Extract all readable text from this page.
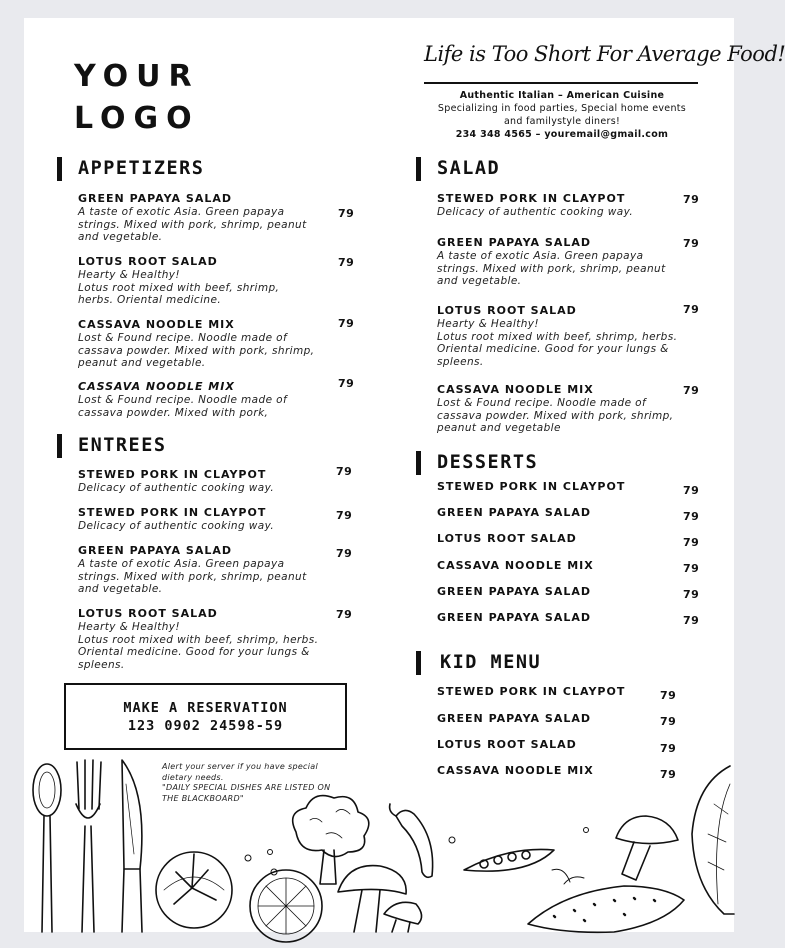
YOUR
LOGO
Life is Too Short For Average Food!
Authentic Italian – American Cuisine
Specializing in food parties, Special home events
and familystyle diners!
234 348 4565 – youremail@gmail.com
APPETIZERS
GREEN PAPAYA SALAD
A taste of exotic Asia. Green papaya strings. Mixed with pork, shrimp, peanut and vegetable.
79
LOTUS ROOT SALAD
Hearty & Healthy!
Lotus root mixed with beef, shrimp, herbs. Oriental medicine.
79
CASSAVA NOODLE MIX
Lost & Found recipe. Noodle made of cassava powder. Mixed with pork, shrimp, peanut and vegetable.
79
CASSAVA NOODLE MIX
Lost & Found recipe. Noodle made of cassava powder. Mixed with pork,
79
ENTREES
STEWED PORK IN CLAYPOT
Delicacy of authentic cooking way.
79
STEWED PORK IN CLAYPOT
Delicacy of authentic cooking way.
79
GREEN PAPAYA SALAD
A taste of exotic Asia. Green papaya strings. Mixed with pork, shrimp, peanut and vegetable.
79
LOTUS ROOT SALAD
Hearty & Healthy!
Lotus root mixed with beef, shrimp, herbs. Oriental medicine. Good for your lungs & spleens.
79
MAKE A RESERVATION
123 0902 24598-59
Alert your server if you have special dietary needs.
"DAILY SPECIAL DISHES ARE LISTED ON THE BLACKBOARD"
SALAD
STEWED PORK IN CLAYPOT
Delicacy of authentic cooking way.
79
GREEN PAPAYA SALAD
A taste of exotic Asia. Green papaya strings. Mixed with pork, shrimp, peanut and vegetable.
79
LOTUS ROOT SALAD
Hearty & Healthy!
Lotus root mixed with beef, shrimp, herbs. Oriental medicine. Good for your lungs & spleens.
79
CASSAVA NOODLE MIX
Lost & Found recipe. Noodle made of cassava powder. Mixed with pork, shrimp, peanut and vegetable
79
DESSERTS
STEWED PORK IN CLAYPOT	79
GREEN PAPAYA SALAD	79
LOTUS ROOT SALAD	79
CASSAVA NOODLE MIX	79
GREEN PAPAYA SALAD	79
GREEN PAPAYA SALAD	79
KID MENU
STEWED PORK IN CLAYPOT	79
GREEN PAPAYA SALAD	79
LOTUS ROOT SALAD	79
CASSAVA NOODLE MIX	79
